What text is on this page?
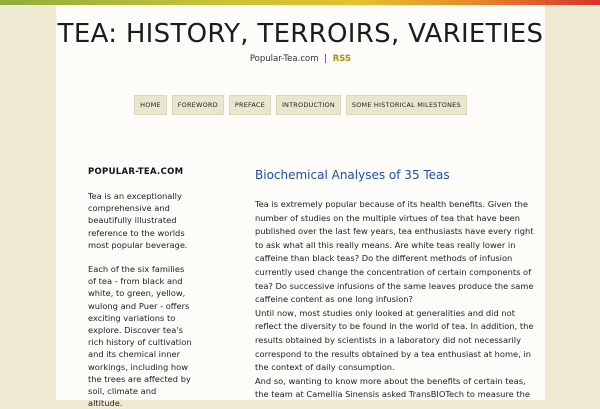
TEA: HISTORY, TERROIRS, VARIETIES
Popular-Tea.com | RSS
HOME	FOREWORD	PREFACE	INTRODUCTION	SOME HISTORICAL MILESTONES
POPULAR-TEA.COM

Tea is an exceptionally comprehensive and beautifully illustrated reference to the worlds most popular beverage.

Each of the six families of tea - from black and white, to green, yellow, wulong and Puer - offers exciting variations to explore. Discover tea's rich history of cultivation and its chemical inner workings, including how the trees are affected by soil, climate and altitude.

Biochemical Analyses of 35 Teas

Tea is extremely popular because of its health benefits. Given the number of studies on the multiple virtues of tea that have been published over the last few years, tea enthusiasts have every right to ask what all this really means. Are white teas really lower in caffeine than black teas? Do the different methods of infusion currently used change the concentration of certain components of tea? Do successive infusions of the same leaves produce the same caffeine content as one long infusion?

Until now, most studies only looked at generalities and did not reflect the diversity to be found in the world of tea. In addition, the results obtained by scientists in a laboratory did not necessarily correspond to the results obtained by a tea enthusiast at home, in the context of daily consumption.

And so, wanting to know more about the benefits of certain teas, the team at Camellia Sinensis asked TransBIOTech to measure the
